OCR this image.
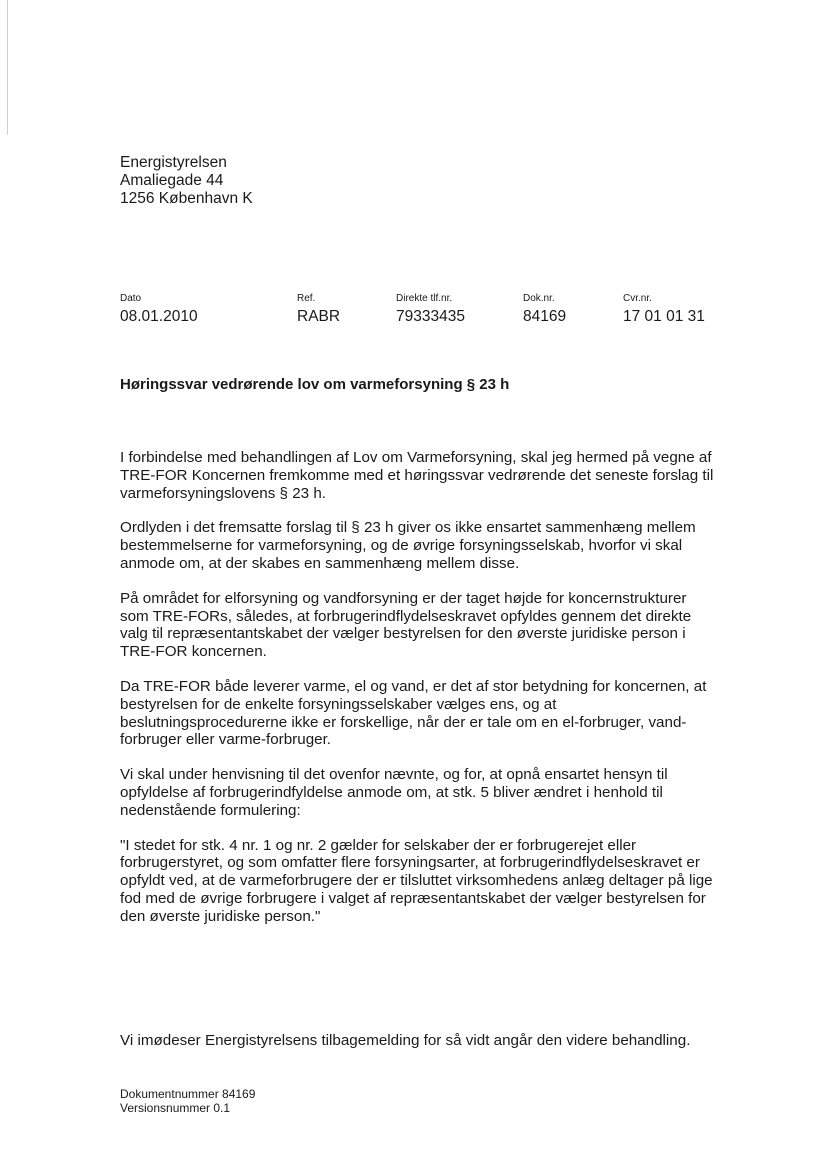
Energistyrelsen
Amaliegade 44
1256 København K
Dato
08.01.2010
Ref.
RABR
Direkte tlf.nr.
79333435
Dok.nr.
84169
Cvr.nr.
17 01 01 31
Høringssvar vedrørende lov om varmeforsyning § 23 h

I forbindelse med behandlingen af Lov om Varmeforsyning, skal jeg hermed på vegne af TRE-FOR Koncernen fremkomme med et høringssvar vedrørende det seneste forslag til varmeforsyningslovens § 23 h.

Ordlyden i det fremsatte forslag til § 23 h giver os ikke ensartet sammenhæng mellem bestemmelserne for varmeforsyning, og de øvrige forsyningsselskab, hvorfor vi skal anmode om, at der skabes en sammenhæng mellem disse.

På området for elforsyning og vandforsyning er der taget højde for koncernstrukturer som TRE-FORs, således, at forbrugerindflydelseskravet opfyldes gennem det direkte valg til repræsentantskabet der vælger bestyrelsen for den øverste juridiske person i TRE-FOR koncernen.

Da TRE-FOR både leverer varme, el og vand, er det af stor betydning for koncernen, at bestyrelsen for de enkelte forsyningsselskaber vælges ens, og at beslutningsprocedurerne ikke er forskellige, når der er tale om en el-forbruger, vand-forbruger eller varme-forbruger.

Vi skal under henvisning til det ovenfor nævnte, og for, at opnå ensartet hensyn til opfyldelse af forbrugerindfyldelse anmode om, at stk. 5 bliver ændret i henhold til nedenstående formulering:

"I stedet for stk. 4 nr. 1 og nr. 2 gælder for selskaber der er forbrugerejet eller forbrugerstyret, og som omfatter flere forsyningsarter, at forbrugerindflydelseskravet er opfyldt ved, at de varmeforbrugere der er tilsluttet virksomhedens anlæg deltager på lige fod med de øvrige forbrugere i valget af repræsentantskabet der vælger bestyrelsen for den øverste juridiske person."

Vi imødeser Energistyrelsens tilbagemelding for så vidt angår den videre behandling.
Dokumentnummer 84169
Versionsnummer 0.1
